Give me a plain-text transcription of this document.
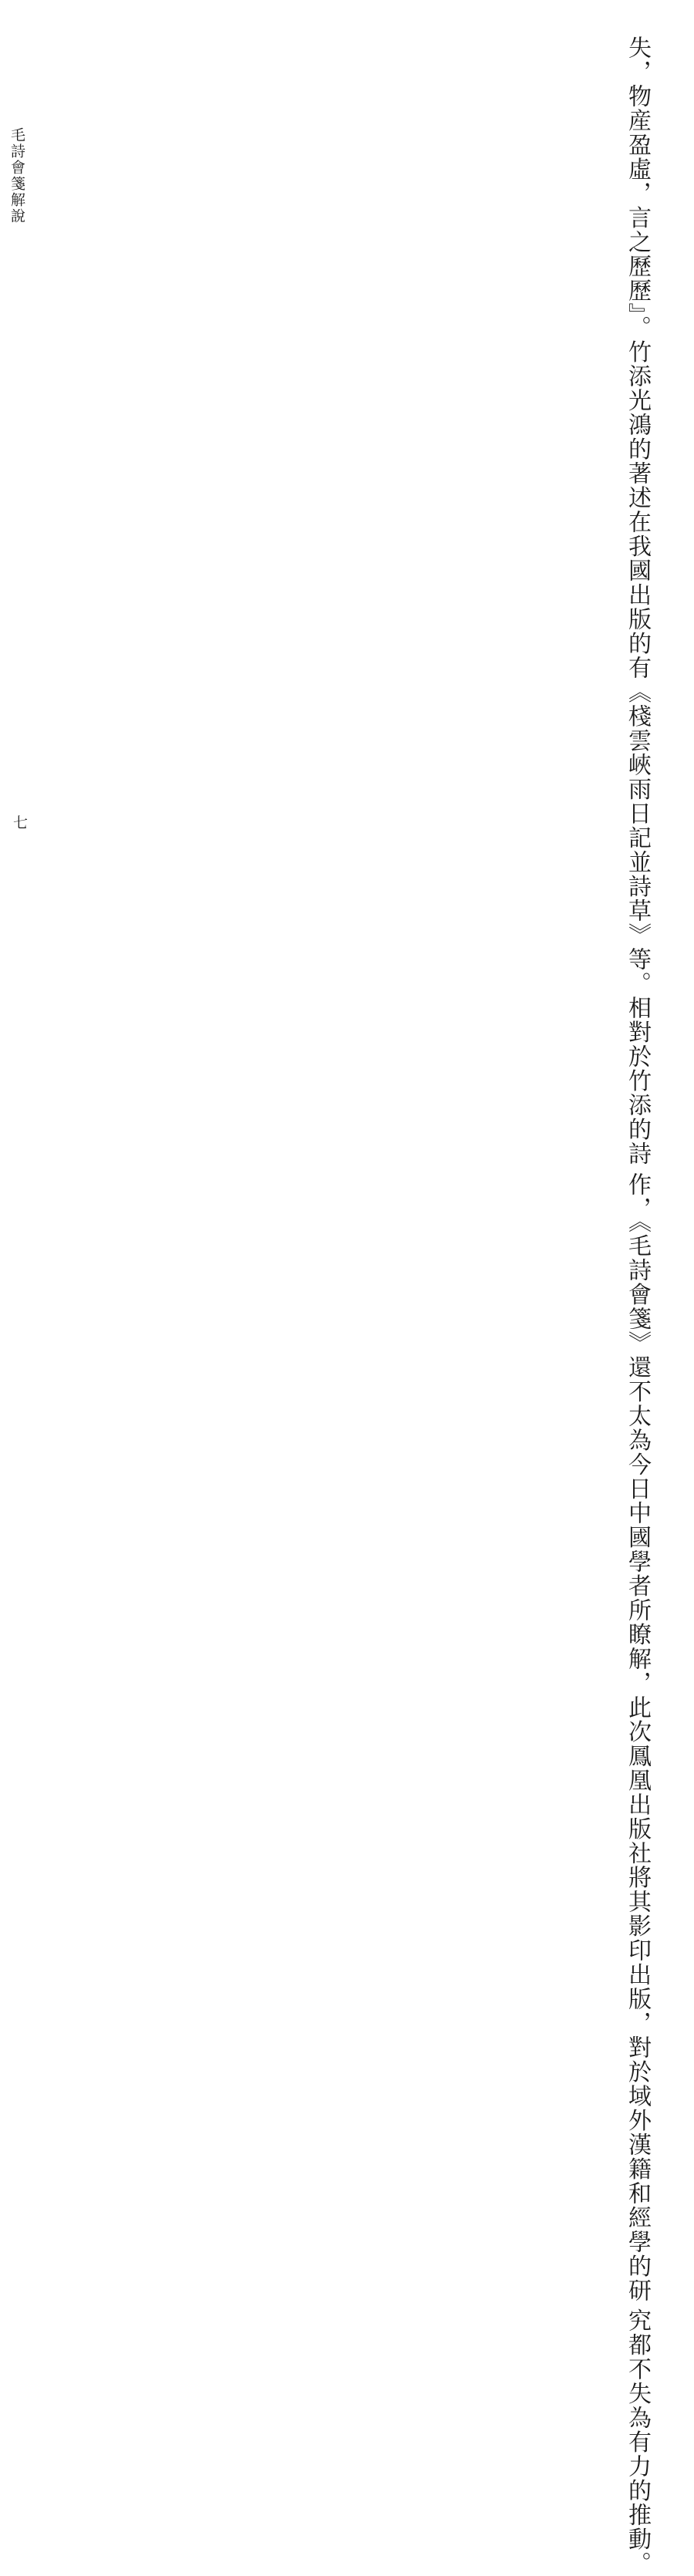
失，物産盈虛，言之歷歷』。竹添光鴻的著述在我國出版的有《棧雲峽雨日記並詩草》等。相對於竹添的詩
作，《毛詩會箋》還不太為今日中國學者所瞭解，此次鳳凰出版社將其影印出版，對於域外漢籍和經學的研
究都不失為有力的推動。
毛詩會箋解說
七
